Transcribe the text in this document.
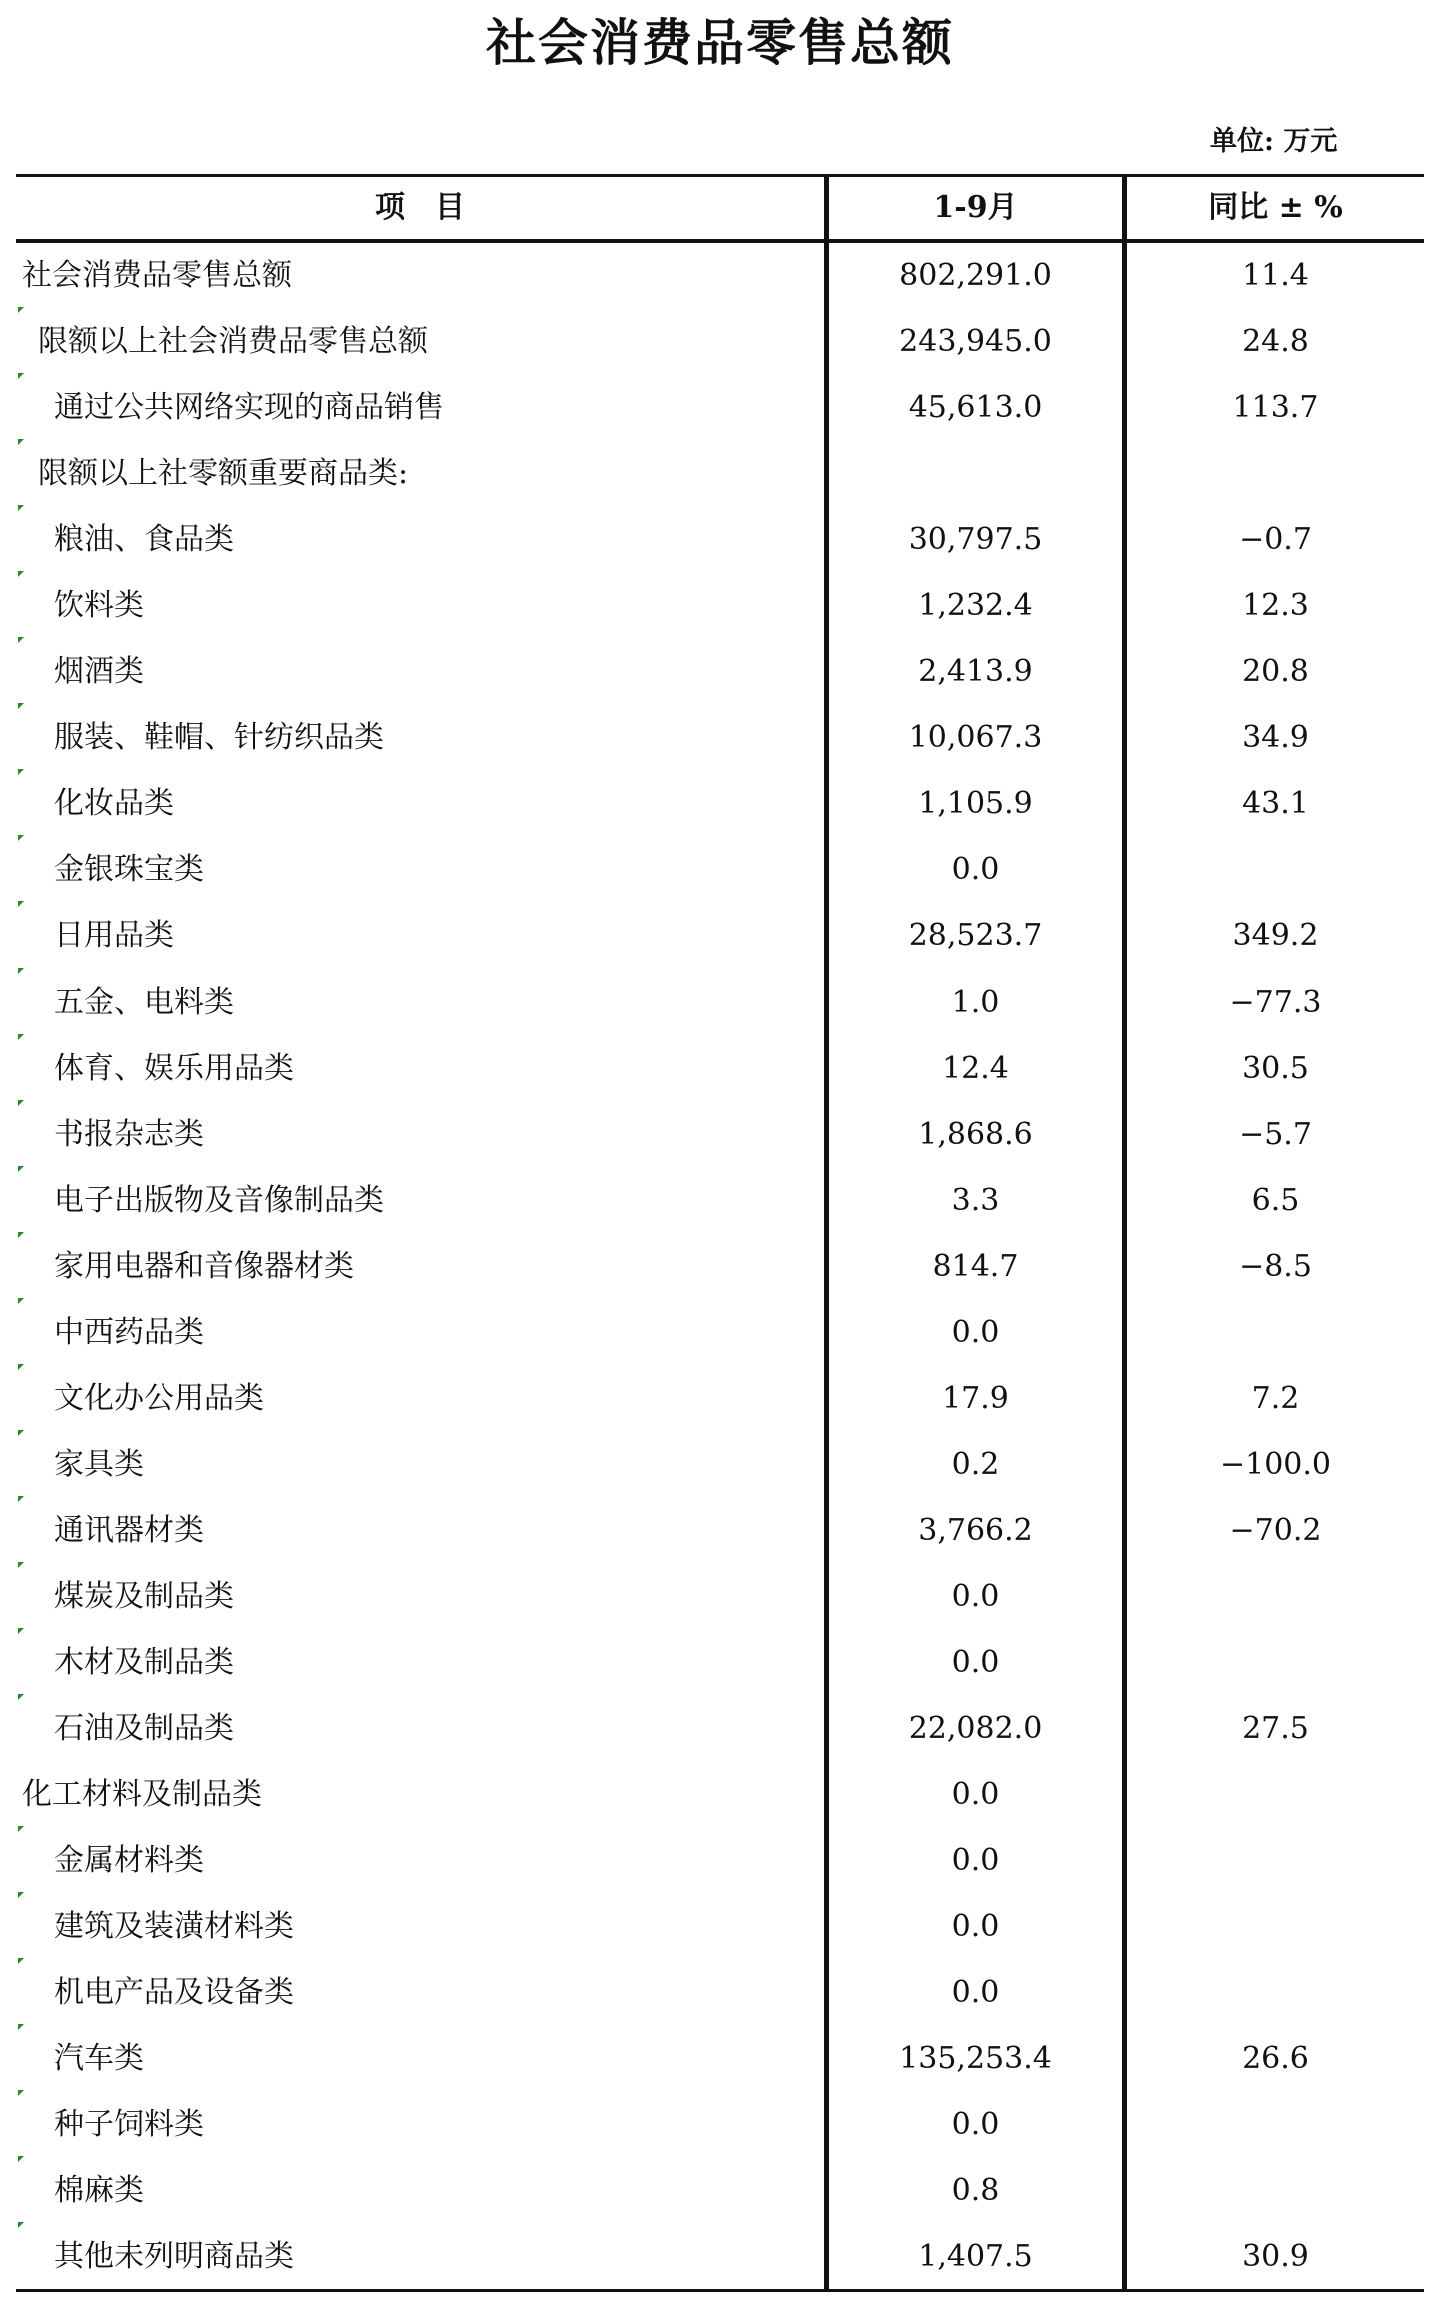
社会消费品零售总额
单位: 万元
项目	1-9月	同比 ± %
社会消费品零售总额	802,291.0	11.4
限额以上社会消费品零售总额	243,945.0	24.8
通过公共网络实现的商品销售	45,613.0	113.7
限额以上社零额重要商品类:
粮油、食品类	30,797.5	−0.7
饮料类	1,232.4	12.3
烟酒类	2,413.9	20.8
服装、鞋帽、针纺织品类	10,067.3	34.9
化妆品类	1,105.9	43.1
金银珠宝类	0.0
日用品类	28,523.7	349.2
五金、电料类	1.0	−77.3
体育、娱乐用品类	12.4	30.5
书报杂志类	1,868.6	−5.7
电子出版物及音像制品类	3.3	6.5
家用电器和音像器材类	814.7	−8.5
中西药品类	0.0
文化办公用品类	17.9	7.2
家具类	0.2	−100.0
通讯器材类	3,766.2	−70.2
煤炭及制品类	0.0
木材及制品类	0.0
石油及制品类	22,082.0	27.5
化工材料及制品类	0.0
金属材料类	0.0
建筑及装潢材料类	0.0
机电产品及设备类	0.0
汽车类	135,253.4	26.6
种子饲料类	0.0
棉麻类	0.8
其他未列明商品类	1,407.5	30.9
